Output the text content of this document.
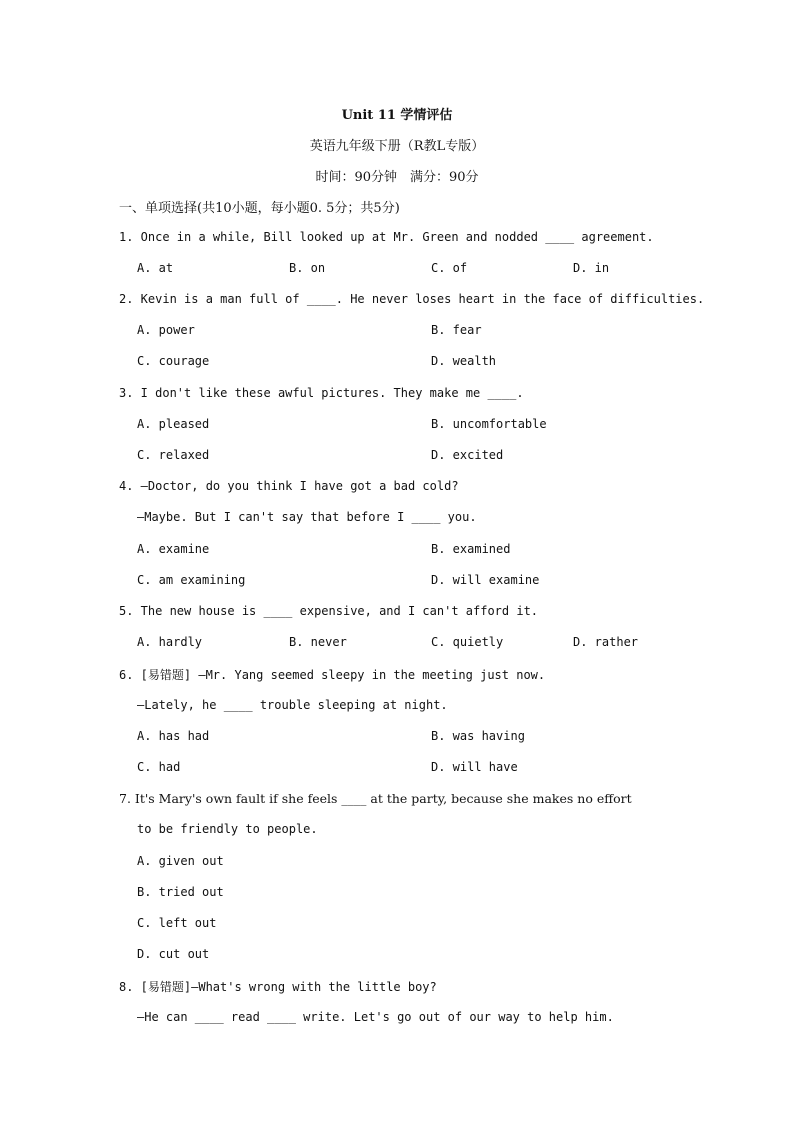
Unit 11 学情评估
英语九年级下册（R教L专版）
时间：90分钟　满分：90分
一、单项选择(共10小题，每小题0. 5分；共5分)
1. Once in a while, Bill looked up at Mr. Green and nodded ____ agreement.
A. at	B. on	C. of	D. in
2. Kevin is a man full of ____. He never loses heart in the face of difficulties.
A. power	B. fear
C. courage	D. wealth
3. I don't like these awful pictures. They make me ____.
A. pleased	B. uncomfortable
C. relaxed	D. excited
4. —Doctor, do you think I have got a bad cold?
—Maybe. But I can't say that before I ____ you.
A. examine	B. examined
C. am examining	D. will examine
5. The new house is ____ expensive, and I can't afford it.
A. hardly	B. never	C. quietly	D. rather
6. [易错题] —Mr. Yang seemed sleepy in the meeting just now.
—Lately, he ____ trouble sleeping at night.
A. has had	B. was having
C. had	D. will have
7. It's Mary's own fault if she feels ____ at the party, because she makes no effort
to be friendly to people.
A. given out
B. tried out
C. left out
D. cut out
8. [易错题]—What's wrong with the little boy?
—He can ____ read ____ write. Let's go out of our way to help him.
